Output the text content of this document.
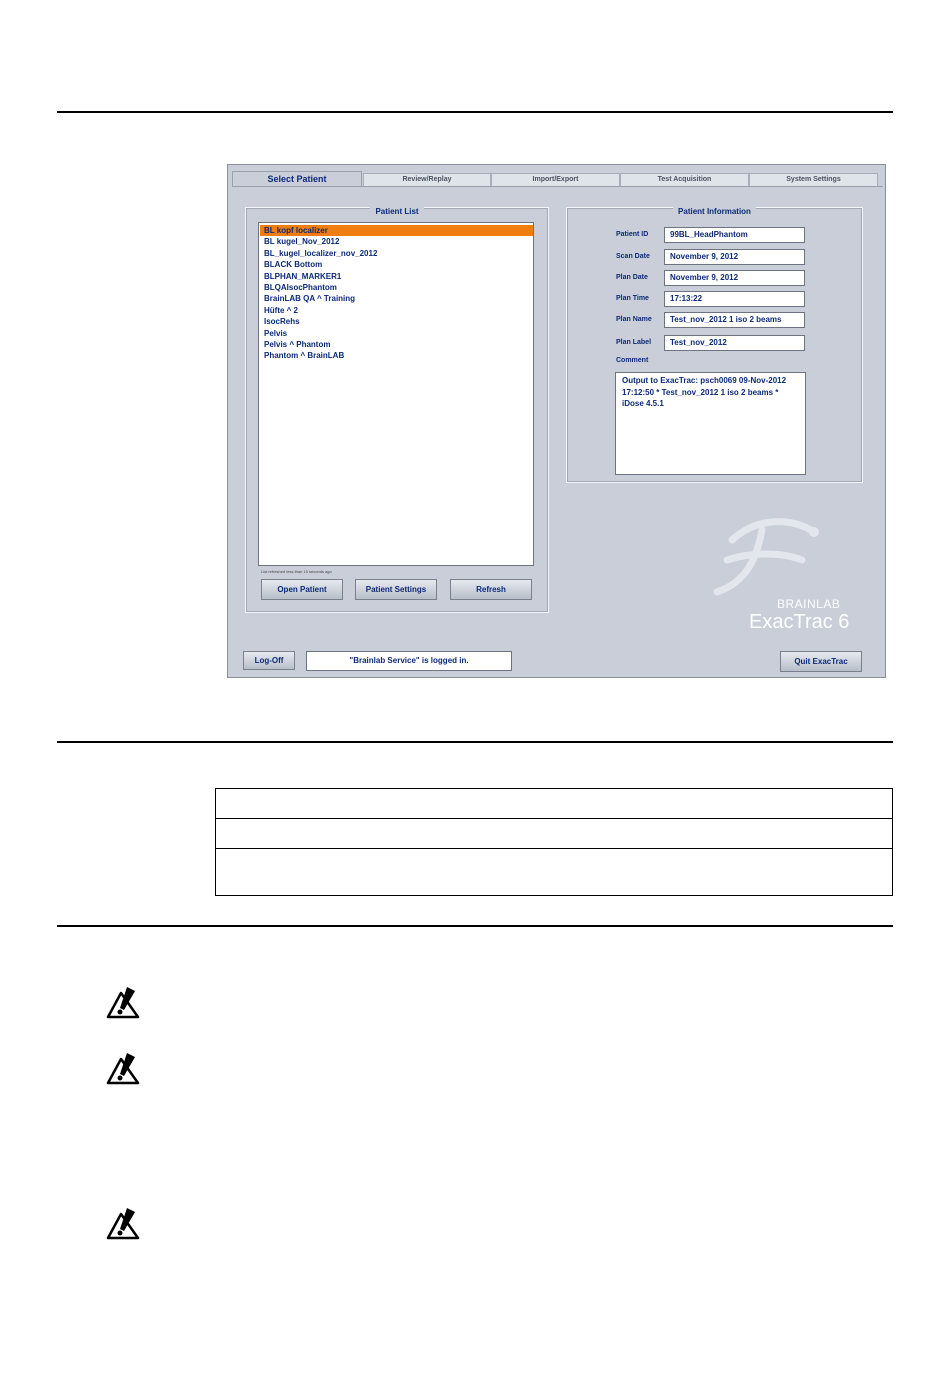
Select Patient	Review/Replay	Import/Export	Test Acquisition	System Settings
Patient List
BL kopf localizer
BL kugel_Nov_2012
BL_kugel_localizer_nov_2012
BLACK Bottom
BLPHAN_MARKER1
BLQAIsocPhantom
BrainLAB QA ^ Training
Hüfte ^ 2
IsocRehs
Pelvis
Pelvis ^ Phantom
Phantom ^ BrainLAB
List refreshed less than 10 seconds ago
Open Patient	Patient Settings	Refresh
Patient Information
Patient ID	99BL_HeadPhantom
Scan Date	November 9, 2012
Plan Date	November 9, 2012
Plan Time	17:13:22
Plan Name	Test_nov_2012 1 iso 2 beams
Plan Label	Test_nov_2012
Comment
Output to ExacTrac: psch0069 09-Nov-2012
17:12:50 * Test_nov_2012 1 iso 2 beams *
iDose 4.5.1
BRAINLAB
ExacTrac 6
Log-Off	"Brainlab Service" is logged in.	Quit ExacTrac
